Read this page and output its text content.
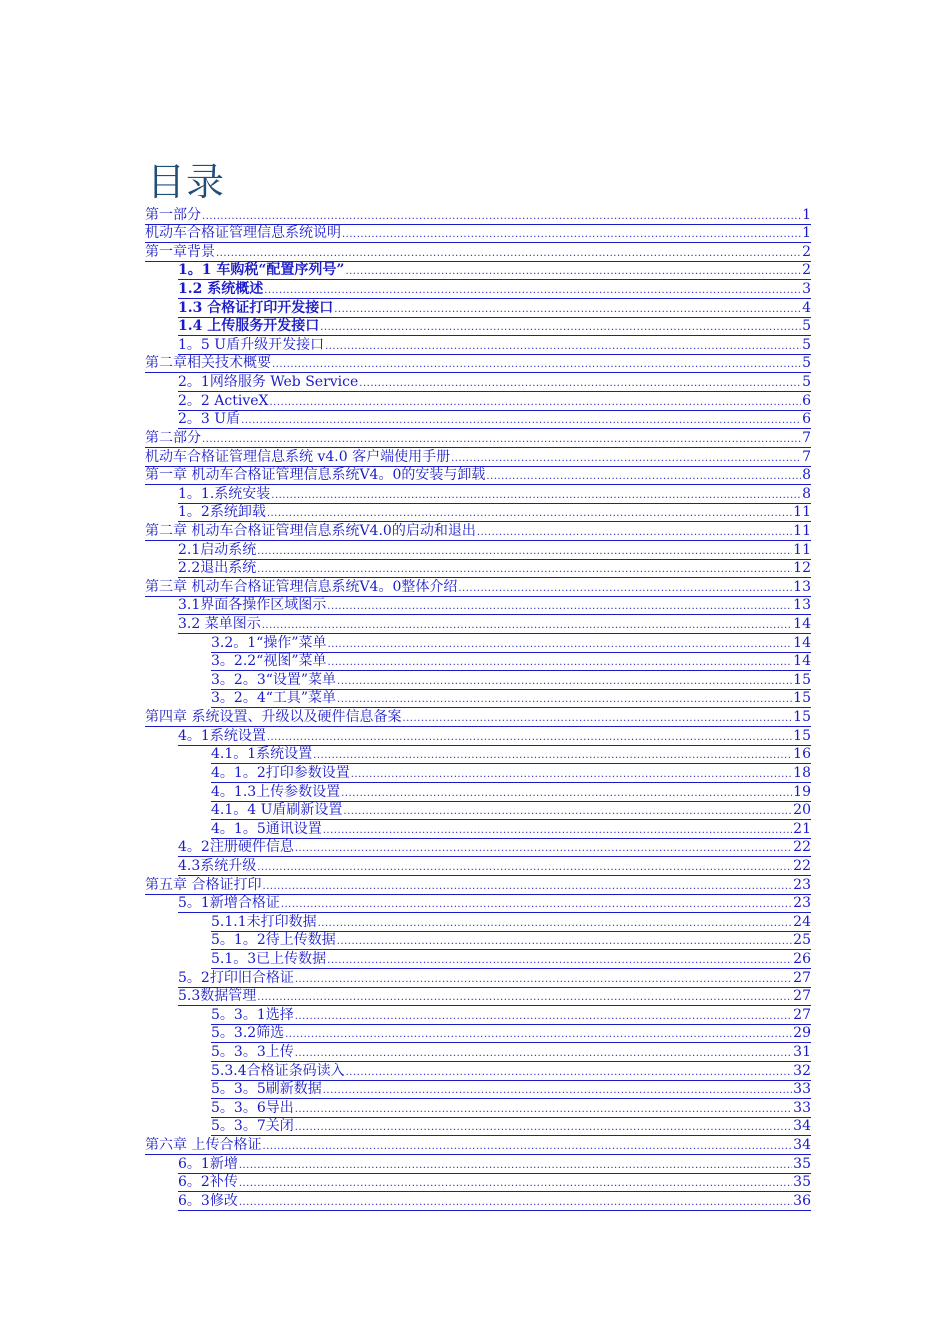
目录
第一部分 .....	1
机动车合格证管理信息系统说明 .....	1
第一章背景 .....	2
1。1 车购税“配置序列号” .....	2
1.2 系统概述 .....	3
1.3 合格证打印开发接口 .....	4
1.4 上传服务开发接口 .....	5
1。5 U盾升级开发接口 .....	5
第二章相关技术概要 .....	5
2。1网络服务 Web Service .....	5
2。2 ActiveX .....	6
2。3 U盾 .....	6
第二部分 .....	7
机动车合格证管理信息系统 v4.0 客户端使用手册 .....	7
第一章 机动车合格证管理信息系统V4。0的安装与卸载 .....	8
1。1.系统安装 .....	8
1。2系统卸载 .....	11
第二章 机动车合格证管理信息系统V4.0的启动和退出 .....	11
2.1启动系统 .....	11
2.2退出系统 .....	12
第三章 机动车合格证管理信息系统V4。0整体介绍 .....	13
3.1界面各操作区域图示 .....	13
3.2 菜单图示 .....	14
3.2。1“操作”菜单 .....	14
3。2.2“视图”菜单 .....	14
3。2。3“设置”菜单 .....	15
3。2。4“工具”菜单 .....	15
第四章 系统设置、升级以及硬件信息备案 .....	15
4。1系统设置 .....	15
4.1。1系统设置 .....	16
4。1。2打印参数设置 .....	18
4。1.3上传参数设置 .....	19
4.1。4 U盾刷新设置 .....	20
4。1。5通讯设置 .....	21
4。2注册硬件信息 .....	22
4.3系统升级 .....	22
第五章 合格证打印 .....	23
5。1新增合格证 .....	23
5.1.1未打印数据 .....	24
5。1。2待上传数据 .....	25
5.1。3已上传数据 .....	26
5。2打印旧合格证 .....	27
5.3数据管理 .....	27
5。3。1选择 .....	27
5。3.2筛选 .....	29
5。3。3上传 .....	31
5.3.4合格证条码读入 .....	32
5。3。5刷新数据 .....	33
5。3。6导出 .....	33
5。3。7关闭 .....	34
第六章 上传合格证 .....	34
6。1新增 .....	35
6。2补传 .....	35
6。3修改 .....	36
